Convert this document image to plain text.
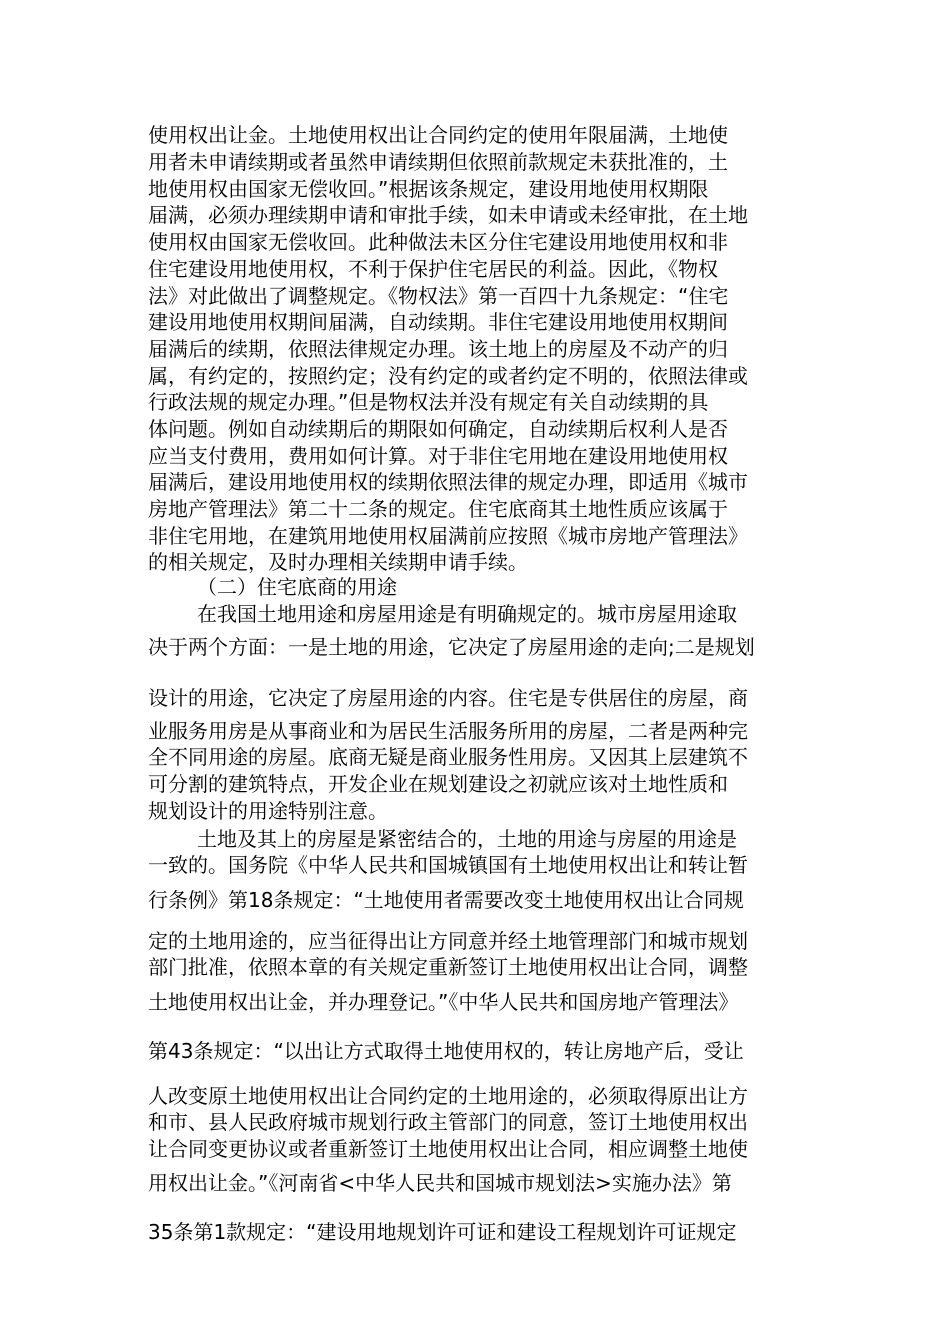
使用权出让金。土地使用权出让合同约定的使用年限届满，土地使
用者未申请续期或者虽然申请续期但依照前款规定未获批准的，土
地使用权由国家无偿收回。”根据该条规定，建设用地使用权期限
届满，必须办理续期申请和审批手续，如未申请或未经审批，在土地
使用权由国家无偿收回。此种做法未区分住宅建设用地使用权和非
住宅建设用地使用权，不利于保护住宅居民的利益。因此，《物权
法》对此做出了调整规定。《物权法》第一百四十九条规定：“住宅
建设用地使用权期间届满，自动续期。非住宅建设用地使用权期间
届满后的续期，依照法律规定办理。该土地上的房屋及不动产的归
属，有约定的，按照约定；没有约定的或者约定不明的，依照法律或
行政法规的规定办理。”但是物权法并没有规定有关自动续期的具
体问题。例如自动续期后的期限如何确定，自动续期后权利人是否
应当支付费用，费用如何计算。对于非住宅用地在建设用地使用权
届满后，建设用地使用权的续期依照法律的规定办理，即适用《城市
房地产管理法》第二十二条的规定。住宅底商其土地性质应该属于
非住宅用地，在建筑用地使用权届满前应按照《城市房地产管理法》
的相关规定，及时办理相关续期申请手续。
（二）住宅底商的用途
在我国土地用途和房屋用途是有明确规定的。城市房屋用途取
决于两个方面：一是土地的用途，它决定了房屋用途的走向;二是规划
设计的用途，它决定了房屋用途的内容。住宅是专供居住的房屋，商
业服务用房是从事商业和为居民生活服务所用的房屋，二者是两种完
全不同用途的房屋。底商无疑是商业服务性用房。又因其上层建筑不
可分割的建筑特点，开发企业在规划建设之初就应该对土地性质和
规划设计的用途特别注意。
土地及其上的房屋是紧密结合的，土地的用途与房屋的用途是
一致的。国务院《中华人民共和国城镇国有土地使用权出让和转让暂
行条例》第18条规定：“土地使用者需要改变土地使用权出让合同规
定的土地用途的，应当征得出让方同意并经土地管理部门和城市规划
部门批准，依照本章的有关规定重新签订土地使用权出让合同，调整
土地使用权出让金，并办理登记。”《中华人民共和国房地产管理法》
第43条规定：“以出让方式取得土地使用权的，转让房地产后，受让
人改变原土地使用权出让合同约定的土地用途的，必须取得原出让方
和市、县人民政府城市规划行政主管部门的同意，签订土地使用权出
让合同变更协议或者重新签订土地使用权出让合同，相应调整土地使
用权出让金。”《河南省<中华人民共和国城市规划法>实施办法》第
35条第1款规定：“建设用地规划许可证和建设工程规划许可证规定
